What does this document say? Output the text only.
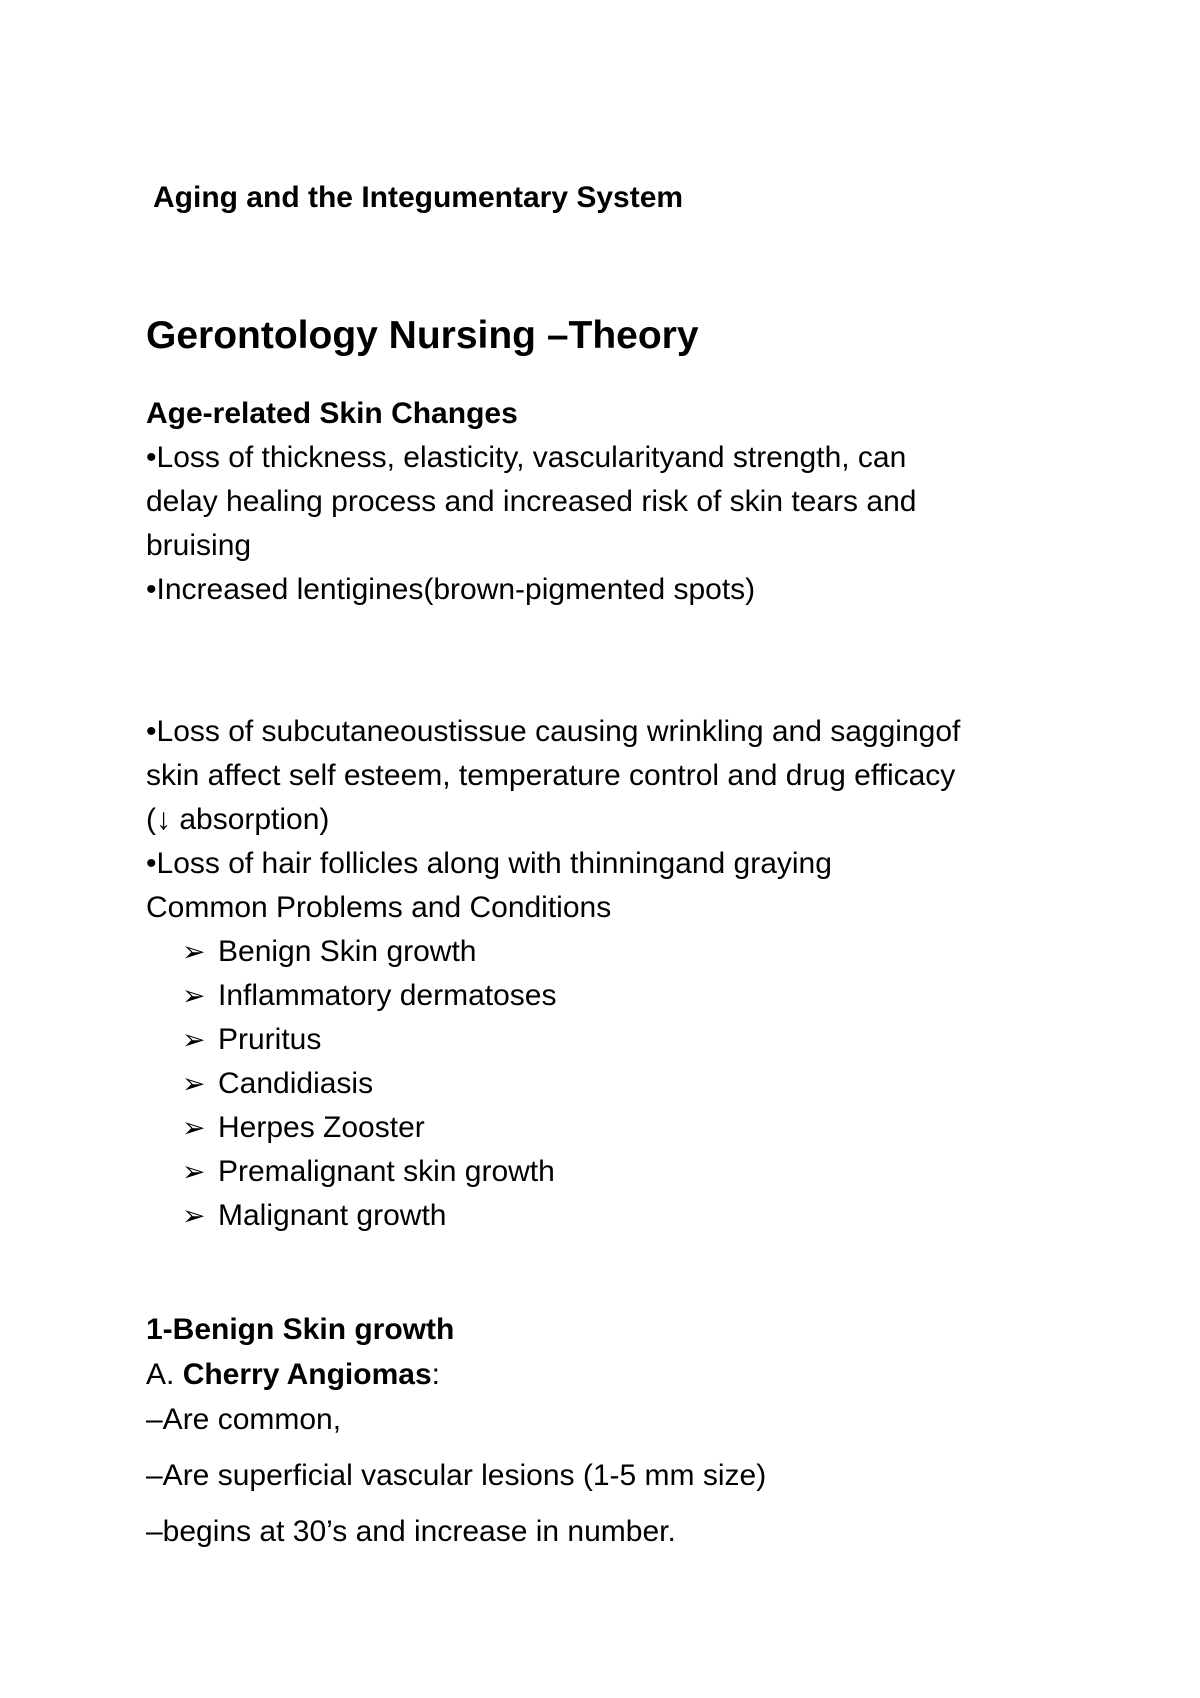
Aging and the Integumentary System
Gerontology Nursing –Theory
Age-related Skin Changes
•Loss of thickness, elasticity, vascularityand strength, can
delay healing process and increased risk of skin tears and
bruising
•Increased lentigines(brown-pigmented spots)
•Loss of subcutaneoustissue causing wrinkling and saggingof
skin affect self esteem, temperature control and drug efficacy
(↓ absorption)
•Loss of hair follicles along with thinningand graying
Common Problems and Conditions
➢ Benign Skin growth
➢ Inflammatory dermatoses
➢ Pruritus
➢ Candidiasis
➢ Herpes Zooster
➢ Premalignant skin growth
➢ Malignant growth
1-Benign Skin growth
A. Cherry Angiomas:
–Are common,
–Are superficial vascular lesions (1-5 mm size)
–begins at 30’s and increase in number.
